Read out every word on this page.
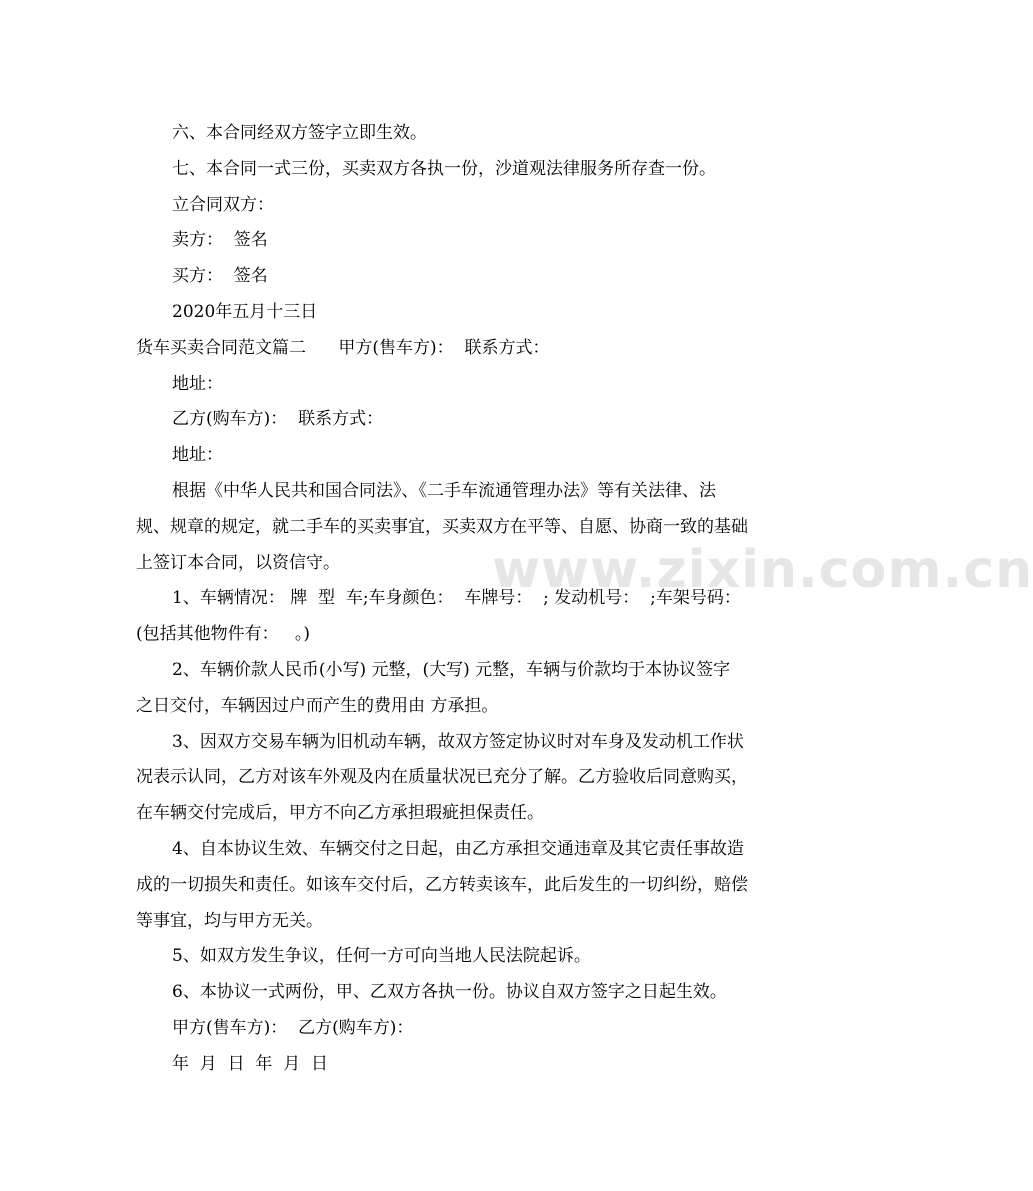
www.zixin.com.cn
六、本合同经双方签字立即生效。
七、本合同一式三份，买卖双方各执一份，沙道观法律服务所存查一份。
立合同双方：
卖方：  签名
买方：  签名
2020年五月十三日
货车买卖合同范文篇二      甲方(售车方)：  联系方式：
地址：
乙方(购车方)：  联系方式：
地址：
根据《中华人民共和国合同法》、《二手车流通管理办法》等有关法律、法
规、规章的规定，就二手车的买卖事宜，买卖双方在平等、自愿、协商一致的基础
上签订本合同，以资信守。
1、车辆情况： 牌  型  车;车身颜色：  车牌号：  ; 发动机号：  ;车架号码：
(包括其他物件有：   。)
2、车辆价款人民币(小写) 元整，(大写) 元整，车辆与价款均于本协议签字
之日交付，车辆因过户而产生的费用由 方承担。
3、因双方交易车辆为旧机动车辆，故双方签定协议时对车身及发动机工作状
况表示认同，乙方对该车外观及内在质量状况已充分了解。乙方验收后同意购买，
在车辆交付完成后，甲方不向乙方承担瑕疵担保责任。
4、自本协议生效、车辆交付之日起，由乙方承担交通违章及其它责任事故造
成的一切损失和责任。如该车交付后，乙方转卖该车，此后发生的一切纠纷，赔偿
等事宜，均与甲方无关。
5、如双方发生争议，任何一方可向当地人民法院起诉。
6、本协议一式两份，甲、乙双方各执一份。协议自双方签字之日起生效。
甲方(售车方)：  乙方(购车方)：
年  月  日  年  月  日
